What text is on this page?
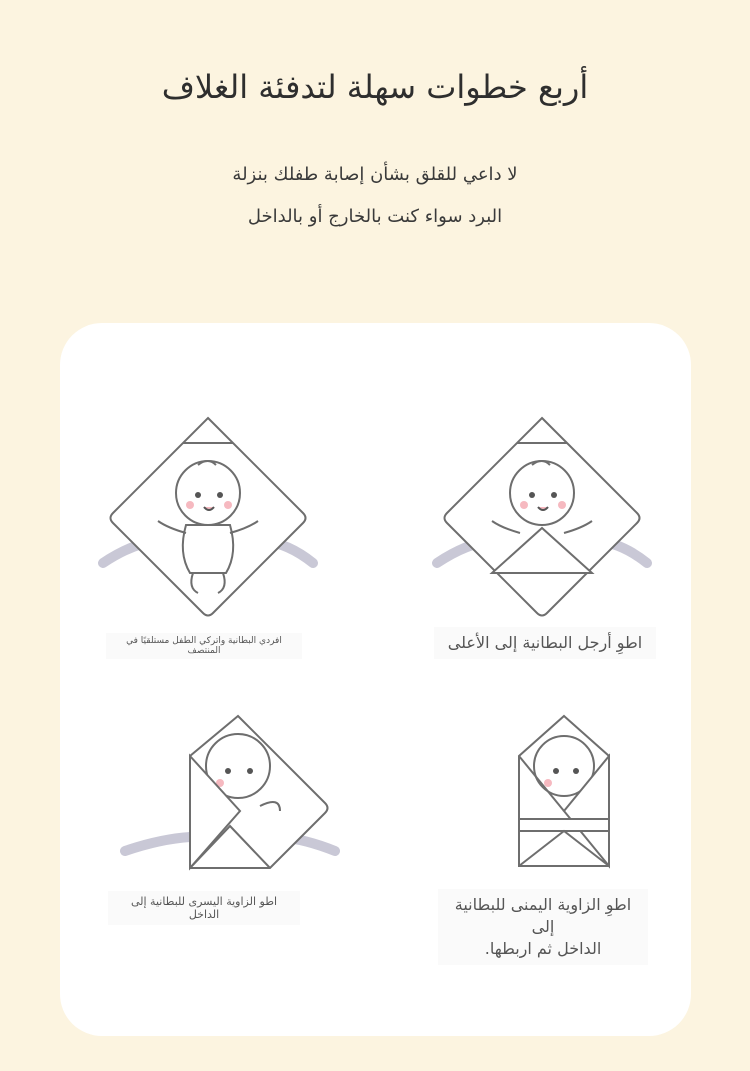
أربع خطوات سهلة لتدفئة الغلاف
لا داعي للقلق بشأن إصابة طفلك بنزلة
البرد سواء كنت بالخارج أو بالداخل
افردي البطانية واتركي الطفل مستلقيًا في المنتصف	اطوِ أرجل البطانية إلى الأعلى
اطو الزاوية اليسرى للبطانية إلى الداخل
اطوِ الزاوية اليمنى للبطانية إلى
الداخل ثم اربطها.
